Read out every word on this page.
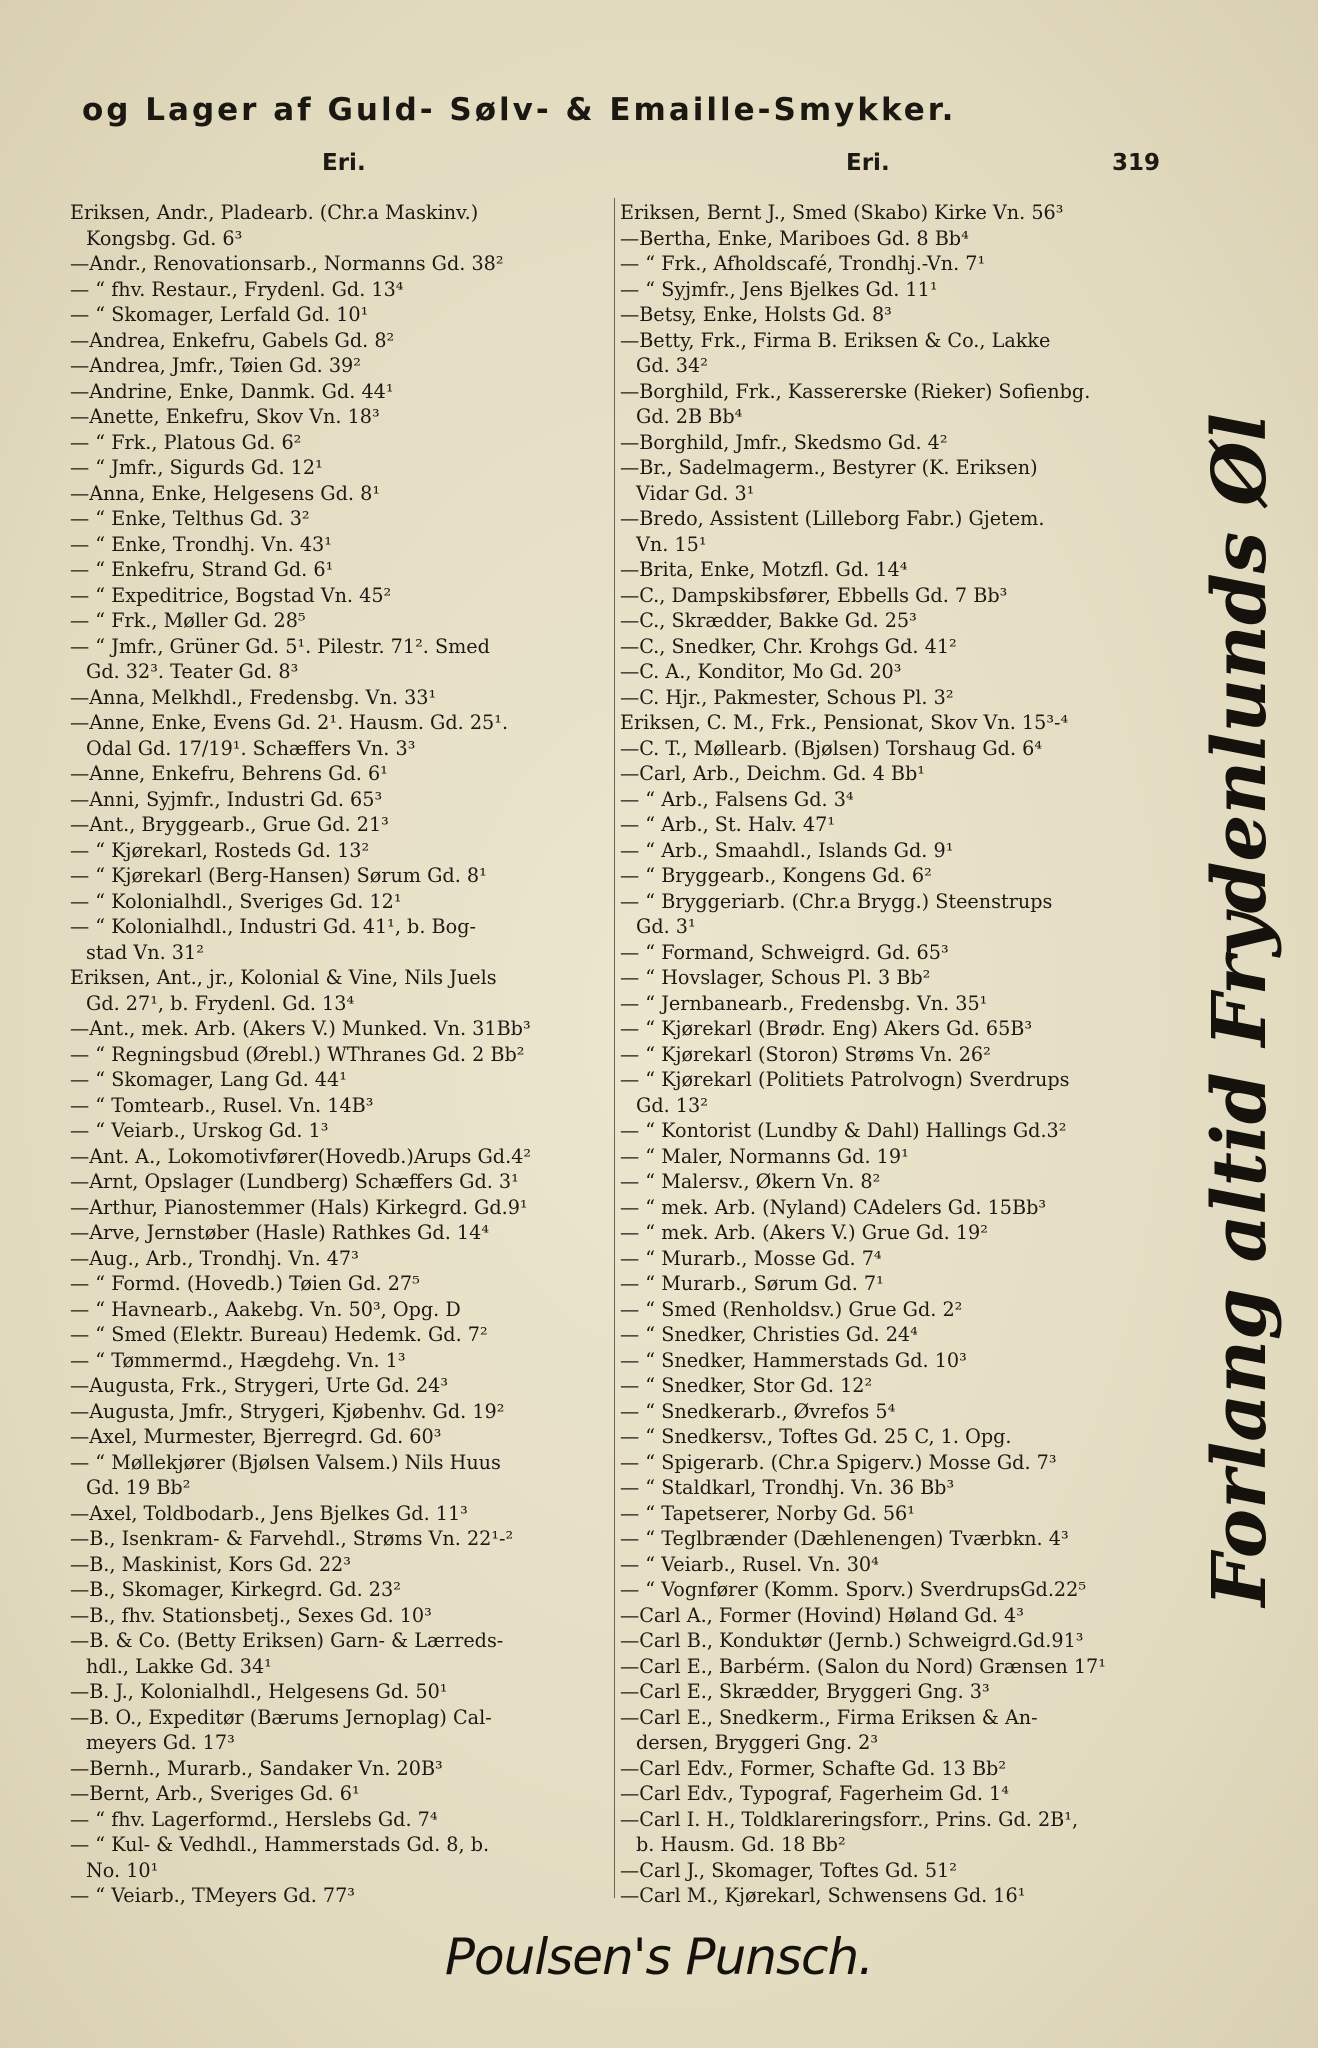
og Lager af Guld- Sølv- & Emaille-Smykker.
Eri.	Eri.	319
Eriksen, Andr., Pladearb. (Chr.a Maskinv.)
Kongsbg. Gd. 6³
—Andr., Renovationsarb., Normanns Gd. 38²
— “ fhv. Restaur., Frydenl. Gd. 13⁴
— “ Skomager, Lerfald Gd. 10¹
—Andrea, Enkefru, Gabels Gd. 8²
—Andrea, Jmfr., Tøien Gd. 39²
—Andrine, Enke, Danmk. Gd. 44¹
—Anette, Enkefru, Skov Vn. 18³
— “ Frk., Platous Gd. 6²
— “ Jmfr., Sigurds Gd. 12¹
—Anna, Enke, Helgesens Gd. 8¹
— “ Enke, Telthus Gd. 3²
— “ Enke, Trondhj. Vn. 43¹
— “ Enkefru, Strand Gd. 6¹
— “ Expeditrice, Bogstad Vn. 45²
— “ Frk., Møller Gd. 28⁵
— “ Jmfr., Grüner Gd. 5¹. Pilestr. 71². Smed
Gd. 32³. Teater Gd. 8³
—Anna, Melkhdl., Fredensbg. Vn. 33¹
—Anne, Enke, Evens Gd. 2¹. Hausm. Gd. 25¹.
Odal Gd. 17/19¹. Schæffers Vn. 3³
—Anne, Enkefru, Behrens Gd. 6¹
—Anni, Syjmfr., Industri Gd. 65³
—Ant., Bryggearb., Grue Gd. 21³
— “ Kjørekarl, Rosteds Gd. 13²
— “ Kjørekarl (Berg-Hansen) Sørum Gd. 8¹
— “ Kolonialhdl., Sveriges Gd. 12¹
— “ Kolonialhdl., Industri Gd. 41¹, b. Bog-
stad Vn. 31²
Eriksen, Ant., jr., Kolonial & Vine, Nils Juels
Gd. 27¹, b. Frydenl. Gd. 13⁴
—Ant., mek. Arb. (Akers V.) Munked. Vn. 31Bb³
— “ Regningsbud (Ørebl.) WThranes Gd. 2 Bb²
— “ Skomager, Lang Gd. 44¹
— “ Tomtearb., Rusel. Vn. 14B³
— “ Veiarb., Urskog Gd. 1³
—Ant. A., Lokomotivfører(Hovedb.)Arups Gd.4²
—Arnt, Opslager (Lundberg) Schæffers Gd. 3¹
—Arthur, Pianostemmer (Hals) Kirkegrd. Gd.9¹
—Arve, Jernstøber (Hasle) Rathkes Gd. 14⁴
—Aug., Arb., Trondhj. Vn. 47³
— “ Formd. (Hovedb.) Tøien Gd. 27⁵
— “ Havnearb., Aakebg. Vn. 50³, Opg. D
— “ Smed (Elektr. Bureau) Hedemk. Gd. 7²
— “ Tømmermd., Hægdehg. Vn. 1³
—Augusta, Frk., Strygeri, Urte Gd. 24³
—Augusta, Jmfr., Strygeri, Kjøbenhv. Gd. 19²
—Axel, Murmester, Bjerregrd. Gd. 60³
— “ Møllekjører (Bjølsen Valsem.) Nils Huus
Gd. 19 Bb²
—Axel, Toldbodarb., Jens Bjelkes Gd. 11³
—B., Isenkram- & Farvehdl., Strøms Vn. 22¹-²
—B., Maskinist, Kors Gd. 22³
—B., Skomager, Kirkegrd. Gd. 23²
—B., fhv. Stationsbetj., Sexes Gd. 10³
—B. & Co. (Betty Eriksen) Garn- & Lærreds-
hdl., Lakke Gd. 34¹
—B. J., Kolonialhdl., Helgesens Gd. 50¹
—B. O., Expeditør (Bærums Jernoplag) Cal-
meyers Gd. 17³
—Bernh., Murarb., Sandaker Vn. 20B³
—Bernt, Arb., Sveriges Gd. 6¹
— “ fhv. Lagerformd., Herslebs Gd. 7⁴
— “ Kul- & Vedhdl., Hammerstads Gd. 8, b.
No. 10¹
— “ Veiarb., TMeyers Gd. 77³
Eriksen, Bernt J., Smed (Skabo) Kirke Vn. 56³
—Bertha, Enke, Mariboes Gd. 8 Bb⁴
— “ Frk., Afholdscafé, Trondhj.-Vn. 7¹
— “ Syjmfr., Jens Bjelkes Gd. 11¹
—Betsy, Enke, Holsts Gd. 8³
—Betty, Frk., Firma B. Eriksen & Co., Lakke
Gd. 34²
—Borghild, Frk., Kassererske (Rieker) Sofienbg.
Gd. 2B Bb⁴
—Borghild, Jmfr., Skedsmo Gd. 4²
—Br., Sadelmagerm., Bestyrer (K. Eriksen)
Vidar Gd. 3¹
—Bredo, Assistent (Lilleborg Fabr.) Gjetem.
Vn. 15¹
—Brita, Enke, Motzfl. Gd. 14⁴
—C., Dampskibsfører, Ebbells Gd. 7 Bb³
—C., Skrædder, Bakke Gd. 25³
—C., Snedker, Chr. Krohgs Gd. 41²
—C. A., Konditor, Mo Gd. 20³
—C. Hjr., Pakmester, Schous Pl. 3²
Eriksen, C. M., Frk., Pensionat, Skov Vn. 15³-⁴
—C. T., Møllearb. (Bjølsen) Torshaug Gd. 6⁴
—Carl, Arb., Deichm. Gd. 4 Bb¹
— “ Arb., Falsens Gd. 3⁴
— “ Arb., St. Halv. 47¹
— “ Arb., Smaahdl., Islands Gd. 9¹
— “ Bryggearb., Kongens Gd. 6²
— “ Bryggeriarb. (Chr.a Brygg.) Steenstrups
Gd. 3¹
— “ Formand, Schweigrd. Gd. 65³
— “ Hovslager, Schous Pl. 3 Bb²
— “ Jernbanearb., Fredensbg. Vn. 35¹
— “ Kjørekarl (Brødr. Eng) Akers Gd. 65B³
— “ Kjørekarl (Storon) Strøms Vn. 26²
— “ Kjørekarl (Politiets Patrolvogn) Sverdrups
Gd. 13²
— “ Kontorist (Lundby & Dahl) Hallings Gd.3²
— “ Maler, Normanns Gd. 19¹
— “ Malersv., Økern Vn. 8²
— “ mek. Arb. (Nyland) CAdelers Gd. 15Bb³
— “ mek. Arb. (Akers V.) Grue Gd. 19²
— “ Murarb., Mosse Gd. 7⁴
— “ Murarb., Sørum Gd. 7¹
— “ Smed (Renholdsv.) Grue Gd. 2²
— “ Snedker, Christies Gd. 24⁴
— “ Snedker, Hammerstads Gd. 10³
— “ Snedker, Stor Gd. 12²
— “ Snedkerarb., Øvrefos 5⁴
— “ Snedkersv., Toftes Gd. 25 C, 1. Opg.
— “ Spigerarb. (Chr.a Spigerv.) Mosse Gd. 7³
— “ Staldkarl, Trondhj. Vn. 36 Bb³
— “ Tapetserer, Norby Gd. 56¹
— “ Teglbrænder (Dæhlenengen) Tværbkn. 4³
— “ Veiarb., Rusel. Vn. 30⁴
— “ Vognfører (Komm. Sporv.) SverdrupsGd.22⁵
—Carl A., Former (Hovind) Høland Gd. 4³
—Carl B., Konduktør (Jernb.) Schweigrd.Gd.91³
—Carl E., Barbérm. (Salon du Nord) Grænsen 17¹
—Carl E., Skrædder, Bryggeri Gng. 3³
—Carl E., Snedkerm., Firma Eriksen & An-
dersen, Bryggeri Gng. 2³
—Carl Edv., Former, Schafte Gd. 13 Bb²
—Carl Edv., Typograf, Fagerheim Gd. 1⁴
—Carl I. H., Toldklareringsforr., Prins. Gd. 2B¹,
b. Hausm. Gd. 18 Bb²
—Carl J., Skomager, Toftes Gd. 51²
—Carl M., Kjørekarl, Schwensens Gd. 16¹
Forlang altid Frydenlunds Øl
Poulsen's Punsch.
